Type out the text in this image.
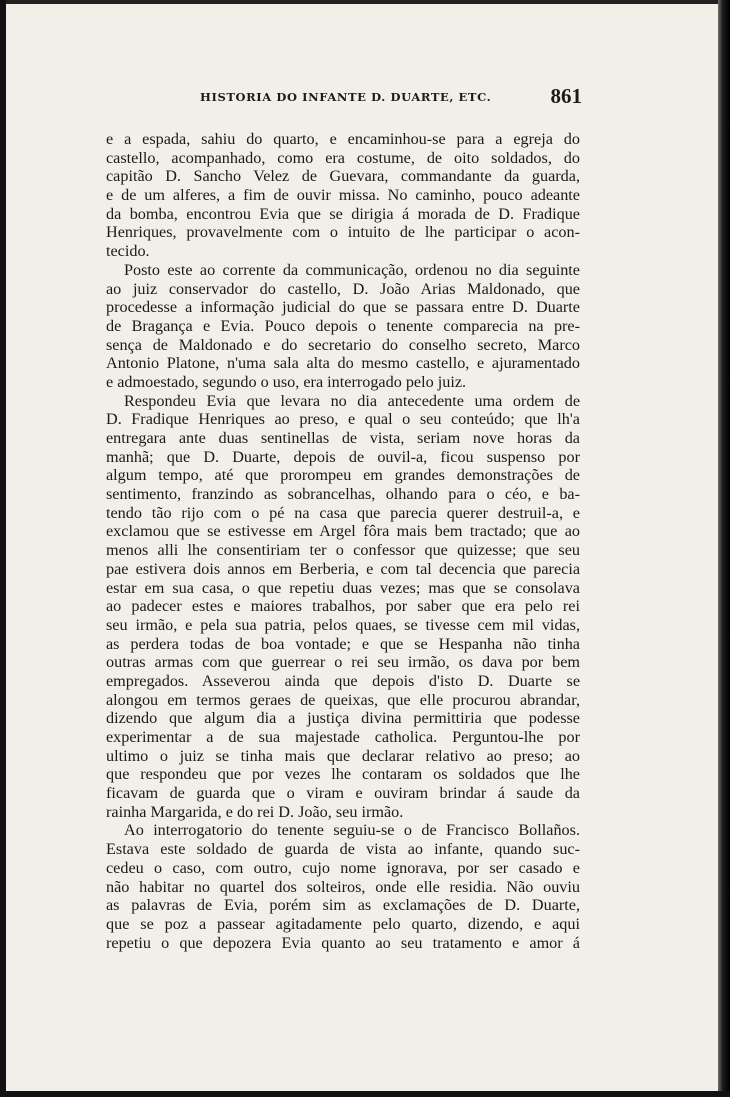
HISTORIA DO INFANTE D. DUARTE, ETC.	861
e a espada, sahiu do quarto, e encaminhou-se para a egreja do
castello, acompanhado, como era costume, de oito soldados, do
capitão D. Sancho Velez de Guevara, commandante da guarda,
e de um alferes, a fim de ouvir missa. No caminho, pouco adeante
da bomba, encontrou Evia que se dirigia á morada de D. Fradique
Henriques, provavelmente com o intuito de lhe participar o acon-
tecido.
Posto este ao corrente da communicação, ordenou no dia seguinte
ao juiz conservador do castello, D. João Arias Maldonado, que
procedesse a informação judicial do que se passara entre D. Duarte
de Bragança e Evia. Pouco depois o tenente comparecia na pre-
sença de Maldonado e do secretario do conselho secreto, Marco
Antonio Platone, n'uma sala alta do mesmo castello, e ajuramentado
e admoestado, segundo o uso, era interrogado pelo juiz.
Respondeu Evia que levara no dia antecedente uma ordem de
D. Fradique Henriques ao preso, e qual o seu conteúdo; que lh'a
entregara ante duas sentinellas de vista, seriam nove horas da
manhã; que D. Duarte, depois de ouvil-a, ficou suspenso por
algum tempo, até que prorompeu em grandes demonstrações de
sentimento, franzindo as sobrancelhas, olhando para o céo, e ba-
tendo tão rijo com o pé na casa que parecia querer destruil-a, e
exclamou que se estivesse em Argel fôra mais bem tractado; que ao
menos alli lhe consentiriam ter o confessor que quizesse; que seu
pae estivera dois annos em Berberia, e com tal decencia que parecia
estar em sua casa, o que repetiu duas vezes; mas que se consolava
ao padecer estes e maiores trabalhos, por saber que era pelo rei
seu irmão, e pela sua patria, pelos quaes, se tivesse cem mil vidas,
as perdera todas de boa vontade; e que se Hespanha não tinha
outras armas com que guerrear o rei seu irmão, os dava por bem
empregados. Asseverou ainda que depois d'isto D. Duarte se
alongou em termos geraes de queixas, que elle procurou abrandar,
dizendo que algum dia a justiça divina permittiria que podesse
experimentar a de sua majestade catholica. Perguntou-lhe por
ultimo o juiz se tinha mais que declarar relativo ao preso; ao
que respondeu que por vezes lhe contaram os soldados que lhe
ficavam de guarda que o viram e ouviram brindar á saude da
rainha Margarida, e do rei D. João, seu irmão.
Ao interrogatorio do tenente seguiu-se o de Francisco Bollaños.
Estava este soldado de guarda de vista ao infante, quando suc-
cedeu o caso, com outro, cujo nome ignorava, por ser casado e
não habitar no quartel dos solteiros, onde elle residia. Não ouviu
as palavras de Evia, porém sim as exclamações de D. Duarte,
que se poz a passear agitadamente pelo quarto, dizendo, e aqui
repetiu o que depozera Evia quanto ao seu tratamento e amor á
